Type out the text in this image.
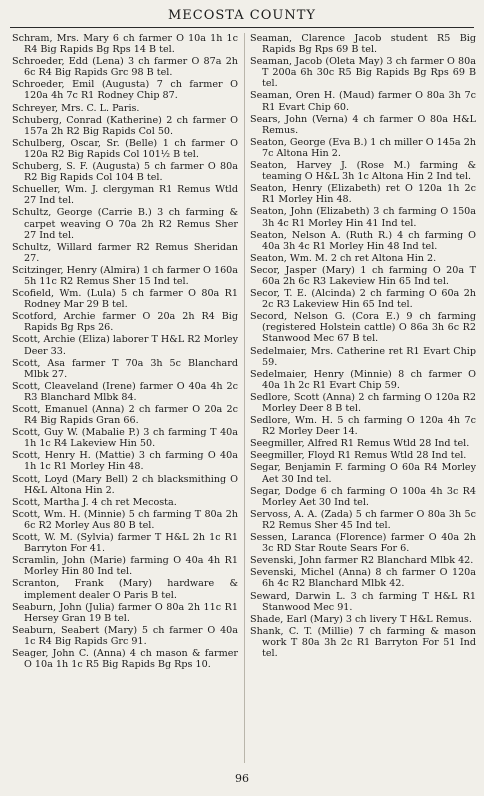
MECOSTA COUNTY

Schram, Mrs. Mary 6 ch farmer O 10a 1h 1c R4 Big Rapids Bg Rps 14 B tel.

Schroeder, Edd (Lena) 3 ch farmer O 87a 2h 6c R4 Big Rapids Grc 98 B tel.

Schroeder, Emil (Augusta) 7 ch farmer O 120a 4h 7c R1 Rodney Chip 87.

Schreyer, Mrs. C. L. Paris.

Schuberg, Conrad (Katherine) 2 ch farmer O 157a 2h R2 Big Rapids Col 50.

Schulberg, Oscar, Sr. (Belle) 1 ch farmer O 120a R2 Big Rapids Col 101½ B tel.

Schuberg, S. F. (Augusta) 5 ch farmer O 80a R2 Big Rapids Col 104 B tel.

Schueller, Wm. J. clergyman R1 Remus Wtld 27 Ind tel.

Schultz, George (Carrie B.) 3 ch farming & carpet weaving O 70a 2h R2 Remus Sher 27 Ind tel.

Schultz, Willard farmer R2 Remus Sheridan 27.

Scitzinger, Henry (Almira) 1 ch farmer O 160a 5h 11c R2 Remus Sher 15 Ind tel.

Scofield, Wm. (Lula) 5 ch farmer O 80a R1 Rodney Mar 29 B tel.

Scotford, Archie farmer O 20a 2h R4 Big Rapids Bg Rps 26.

Scott, Archie (Eliza) laborer T H&L R2 Morley Deer 33.

Scott, Asa farmer T 70a 3h 5c Blanchard Mlbk 27.

Scott, Cleaveland (Irene) farmer O 40a 4h 2c R3 Blanchard Mlbk 84.

Scott, Emanuel (Anna) 2 ch farmer O 20a 2c R4 Big Rapids Gran 66.

Scott, Guy W. (Mabalie P.) 3 ch farming T 40a 1h 1c R4 Lakeview Hin 50.

Scott, Henry H. (Mattie) 3 ch farming O 40a 1h 1c R1 Morley Hin 48.

Scott, Loyd (Mary Bell) 2 ch blacksmithing O H&L Altona Hin 2.

Scott, Martha J. 4 ch ret Mecosta.

Scott, Wm. H. (Minnie) 5 ch farming T 80a 2h 6c R2 Morley Aus 80 B tel.

Scott, W. M. (Sylvia) farmer T H&L 2h 1c R1 Barryton For 41.

Scramlin, John (Marie) farming O 40a 4h R1 Morley Hin 80 Ind tel.

Scranton, Frank (Mary) hardware & implement dealer O Paris B tel.

Seaburn, John (Julia) farmer O 80a 2h 11c R1 Hersey Gran 19 B tel.

Seaburn, Seabert (Mary) 5 ch farmer O 40a 1c R4 Big Rapids Grc 91.

Seager, John C. (Anna) 4 ch mason & farmer O 10a 1h 1c R5 Big Rapids Bg Rps 10.

Seaman, Clarence Jacob student R5 Big Rapids Bg Rps 69 B tel.

Seaman, Jacob (Oleta May) 3 ch farmer O 80a T 200a 6h 30c R5 Big Rapids Bg Rps 69 B tel.

Seaman, Oren H. (Maud) farmer O 80a 3h 7c R1 Evart Chip 60.

Sears, John (Verna) 4 ch farmer O 80a H&L Remus.

Seaton, George (Eva B.) 1 ch miller O 145a 2h 7c Altona Hin 2.

Seaton, Harvey J. (Rose M.) farming & teaming O H&L 3h 1c Altona Hin 2 Ind tel.

Seaton, Henry (Elizabeth) ret O 120a 1h 2c R1 Morley Hin 48.

Seaton, John (Elizabeth) 3 ch farming O 150a 3h 4c R1 Morley Hin 41 Ind tel.

Seaton, Nelson A. (Ruth R.) 4 ch farming O 40a 3h 4c R1 Morley Hin 48 Ind tel.

Seaton, Wm. M. 2 ch ret Altona Hin 2.

Secor, Jasper (Mary) 1 ch farming O 20a T 60a 2h 6c R3 Lakeview Hin 65 Ind tel.

Secor, T. E. (Alcinda) 2 ch farming O 60a 2h 2c R3 Lakeview Hin 65 Ind tel.

Secord, Nelson G. (Cora E.) 9 ch farming (registered Holstein cattle) O 86a 3h 6c R2 Stanwood Mec 67 B tel.

Sedelmaier, Mrs. Catherine ret R1 Evart Chip 59.

Sedelmaier, Henry (Minnie) 8 ch farmer O 40a 1h 2c R1 Evart Chip 59.

Sedlore, Scott (Anna) 2 ch farming O 120a R2 Morley Deer 8 B tel.

Sedlore, Wm. H. 5 ch farming O 120a 4h 7c R2 Morley Deer 14.

Seegmiller, Alfred R1 Remus Wtld 28 Ind tel.

Seegmiller, Floyd R1 Remus Wtld 28 Ind tel.

Segar, Benjamin F. farming O 60a R4 Morley Aet 30 Ind tel.

Segar, Dodge 6 ch farming O 100a 4h 3c R4 Morley Aet 30 Ind tel.

Servoss, A. A. (Zada) 5 ch farmer O 80a 3h 5c R2 Remus Sher 45 Ind tel.

Sessen, Laranca (Florence) farmer O 40a 2h 3c RD Star Route Sears For 6.

Sevenski, John farmer R2 Blanchard Mlbk 42.

Sevenski, Michel (Anna) 8 ch farmer O 120a 6h 4c R2 Blanchard Mlbk 42.

Seward, Darwin L. 3 ch farming T H&L R1 Stanwood Mec 91.

Shade, Earl (Mary) 3 ch livery T H&L Remus.

Shank, C. T. (Millie) 7 ch farming & mason work T 80a 3h 2c R1 Barryton For 51 Ind tel.

96
